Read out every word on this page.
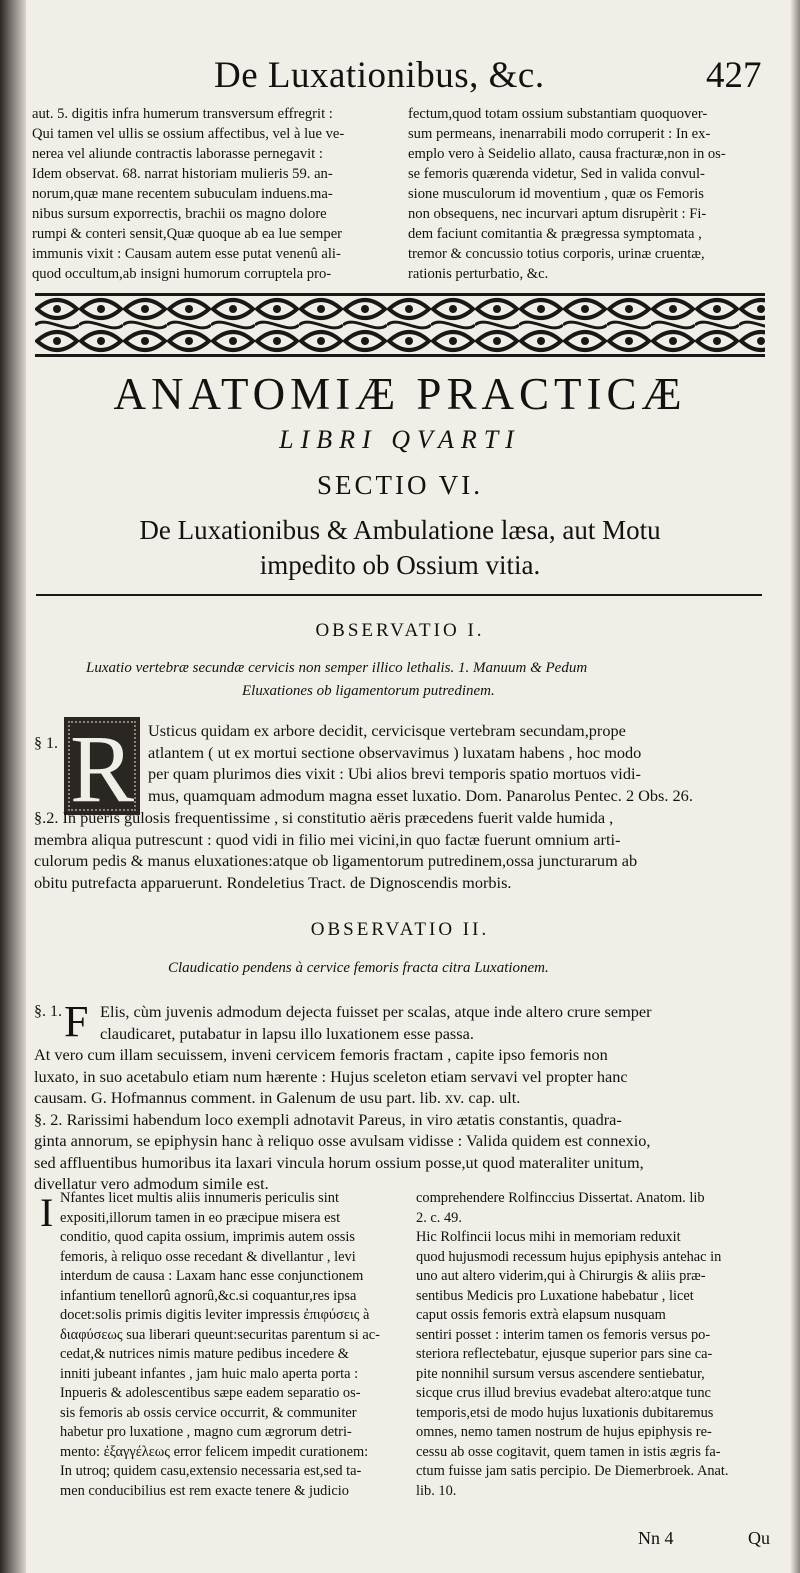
De Luxationibus, &c.	427

aut. 5. digitis infra humerum transversum effregrit :

Qui tamen vel ullis se ossium affectibus, vel à lue ve-

nerea vel aliunde contractis laborasse pernegavit :

Idem observat. 68. narrat historiam mulieris 59. an-

norum,quæ mane recentem subuculam induens.ma-

nibus sursum exporrectis, brachii os magno dolore

rumpi & conteri sensit,Quæ quoque ab ea lue semper

immunis vixit : Causam autem esse putat venenû ali-

quod occultum,ab insigni humorum corruptela pro-

fectum,quod totam ossium substantiam quoquover-

sum permeans, inenarrabili modo corruperit : In ex-

emplo vero à Seidelio allato, causa fracturæ,non in os-

se femoris quærenda videtur, Sed in valida convul-

sione musculorum id moventium , quæ os Femoris

non obsequens, nec incurvari aptum disrupèrit : Fi-

dem faciunt comitantia & prægressa symptomata ,

tremor & concussio totius corporis, urinæ cruentæ,

rationis perturbatio, &c.

ANATOMIÆ PRACTICÆ
LIBRI QVARTI
SECTIO VI.
De Luxationibus & Ambulatione læsa, aut Motu
impedito ob Ossium vitia.
OBSERVATIO I.
Luxatio vertebræ secundæ cervicis non semper illico lethalis. 1. Manuum & Pedum
Eluxationes ob ligamentorum putredinem.
§ 1. R Usticus quidam ex arbore decidit, cervicisque vertebram secundam,prope

atlantem ( ut ex mortui sectione observavimus ) luxatam habens , hoc modo

per quam plurimos dies vixit : Ubi alios brevi temporis spatio mortuos vidi-

mus, quamquam admodum magna esset luxatio. Dom. Panarolus Pentec. 2 Obs. 26.

§.2. In pueris gulosis frequentissime , si constitutio aëris præcedens fuerit valde humida ,

membra aliqua putrescunt : quod vidi in filio mei vicini,in quo factæ fuerunt omnium arti-

culorum pedis & manus eluxationes:atque ob ligamentorum putredinem,ossa juncturarum ab

obitu putrefacta apparuerunt. Rondeletius Tract. de Dignoscendis morbis.

OBSERVATIO II.
Claudicatio pendens à cervice femoris fracta citra Luxationem.
§. 1. F Elis, cùm juvenis admodum dejecta fuisset per scalas, atque inde altero crure semper

claudicaret, putabatur in lapsu illo luxationem esse passa.

At vero cum illam secuissem, inveni cervicem femoris fractam , capite ipso femoris non

luxato, in suo acetabulo etiam num hærente : Hujus sceleton etiam servavi vel propter hanc

causam. G. Hofmannus comment. in Galenum de usu part. lib. xv. cap. ult.

§. 2. Rarissimi habendum loco exempli adnotavit Pareus, in viro ætatis constantis, quadra-

ginta annorum, se epiphysin hanc à reliquo osse avulsam vidisse : Valida quidem est connexio,

sed affluentibus humoribus ita laxari vincula horum ossium posse,ut quod materaliter unitum,

divellatur vero admodum simile est.

I Nfantes licet multis aliis innumeris periculis sint

expositi,illorum tamen in eo præcipue misera est

conditio, quod capita ossium, imprimis autem ossis

femoris, à reliquo osse recedant & divellantur , levi

interdum de causa : Laxam hanc esse conjunctionem

infantium tenellorû agnorû,&c.si coquantur,res ipsa

docet:solis primis digitis leviter impressis ἐπιφύσεις à

διαφύσεως sua liberari queunt:securitas parentum si ac-

cedat,& nutrices nimis mature pedibus incedere &

inniti jubeant infantes , jam huic malo aperta porta :

Inpueris & adolescentibus sæpe eadem separatio os-

sis femoris ab ossis cervice occurrit, & communiter

habetur pro luxatione , magno cum ægrorum detri-

mento: ἐξαγγέλεως error felicem impedit curationem:

In utroq; quidem casu,extensio necessaria est,sed ta-

men conducibilius est rem exacte tenere & judicio

comprehendere Rolfinccius Dissertat. Anatom. lib

2. c. 49.

Hic Rolfincii locus mihi in memoriam reduxit

quod hujusmodi recessum hujus epiphysis antehac in

uno aut altero viderim,qui à Chirurgis & aliis præ-

sentibus Medicis pro Luxatione habebatur , licet

caput ossis femoris extrà elapsum nusquam

sentiri posset : interim tamen os femoris versus po-

steriora reflectebatur, ejusque superior pars sine ca-

pite nonnihil sursum versus ascendere sentiebatur,

sicque crus illud brevius evadebat altero:atque tunc

temporis,etsi de modo hujus luxationis dubitaremus

omnes, nemo tamen nostrum de hujus epiphysis re-

cessu ab osse cogitavit, quem tamen in istis ægris fa-

ctum fuisse jam satis percipio. De Diemerbroek. Anat.

lib. 10.

Nn 4	Qu
